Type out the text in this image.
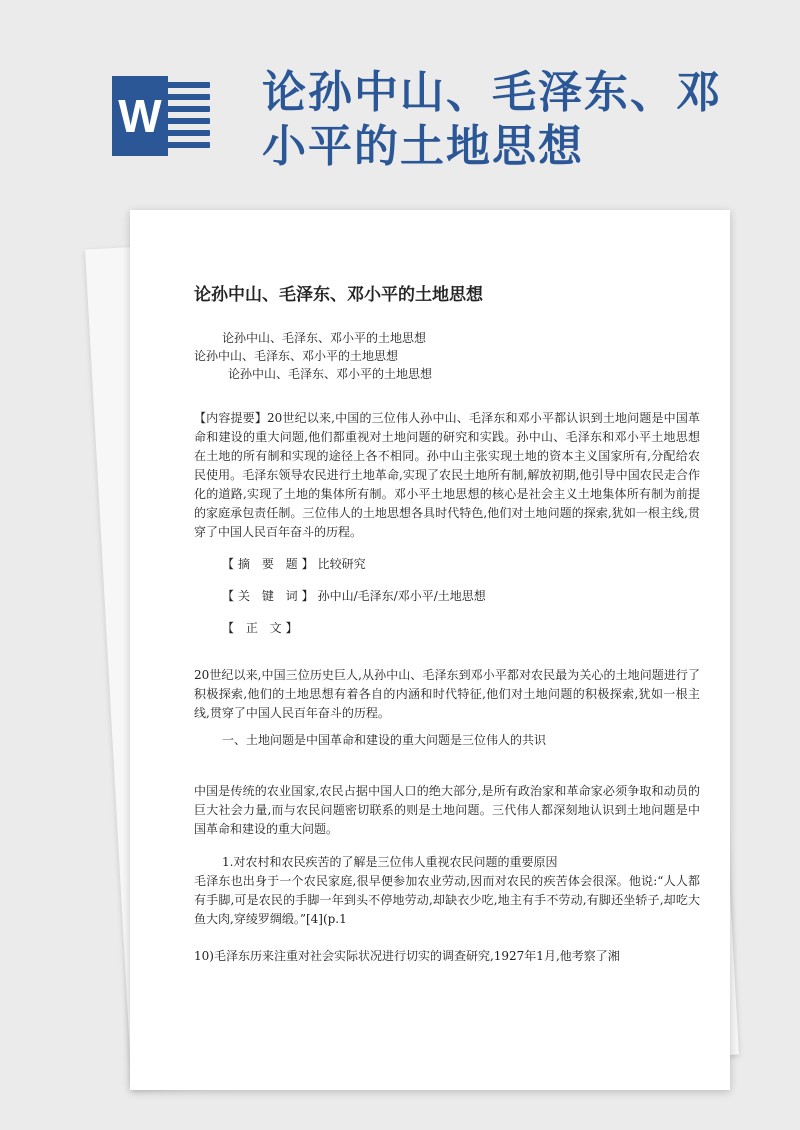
W 论孙中山、毛泽东、邓小平的土地思想
论孙中山、毛泽东、邓小平的土地思想
论孙中山、毛泽东、邓小平的土地思想
论孙中山、毛泽东、邓小平的土地思想
论孙中山、毛泽东、邓小平的土地思想

【内容提要】20世纪以来,中国的三位伟人孙中山、毛泽东和邓小平都认识到土地问题是中国革命和建设的重大问题,他们都重视对土地问题的研究和实践。孙中山、毛泽东和邓小平土地思想在土地的所有制和实现的途径上各不相同。孙中山主张实现土地的资本主义国家所有,分配给农民使用。毛泽东领导农民进行土地革命,实现了农民土地所有制,解放初期,他引导中国农民走合作化的道路,实现了土地的集体所有制。邓小平土地思想的核心是社会主义土地集体所有制为前提的家庭承包责任制。三位伟人的土地思想各具时代特色,他们对土地问题的探索,犹如一根主线,贯穿了中国人民百年奋斗的历程。

【摘 要 题】比较研究
【关 键 词】孙中山/毛泽东/邓小平/土地思想
【 正 文】

20世纪以来,中国三位历史巨人,从孙中山、毛泽东到邓小平都对农民最为关心的土地问题进行了积极探索,他们的土地思想有着各自的内涵和时代特征,他们对土地问题的积极探索,犹如一根主线,贯穿了中国人民百年奋斗的历程。

一、土地问题是中国革命和建设的重大问题是三位伟人的共识

中国是传统的农业国家,农民占据中国人口的绝大部分,是所有政治家和革命家必须争取和动员的巨大社会力量,而与农民问题密切联系的则是土地问题。三代伟人都深刻地认识到土地问题是中国革命和建设的重大问题。

1.对农村和农民疾苦的了解是三位伟人重视农民问题的重要原因

毛泽东也出身于一个农民家庭,很早便参加农业劳动,因而对农民的疾苦体会很深。他说:“人人都有手脚,可是农民的手脚一年到头不停地劳动,却缺衣少吃,地主有手不劳动,有脚还坐轿子,却吃大鱼大肉,穿绫罗绸缎。”[4](p.1

10)毛泽东历来注重对社会实际状况进行切实的调查研究,1927年1月,他考察了湘
